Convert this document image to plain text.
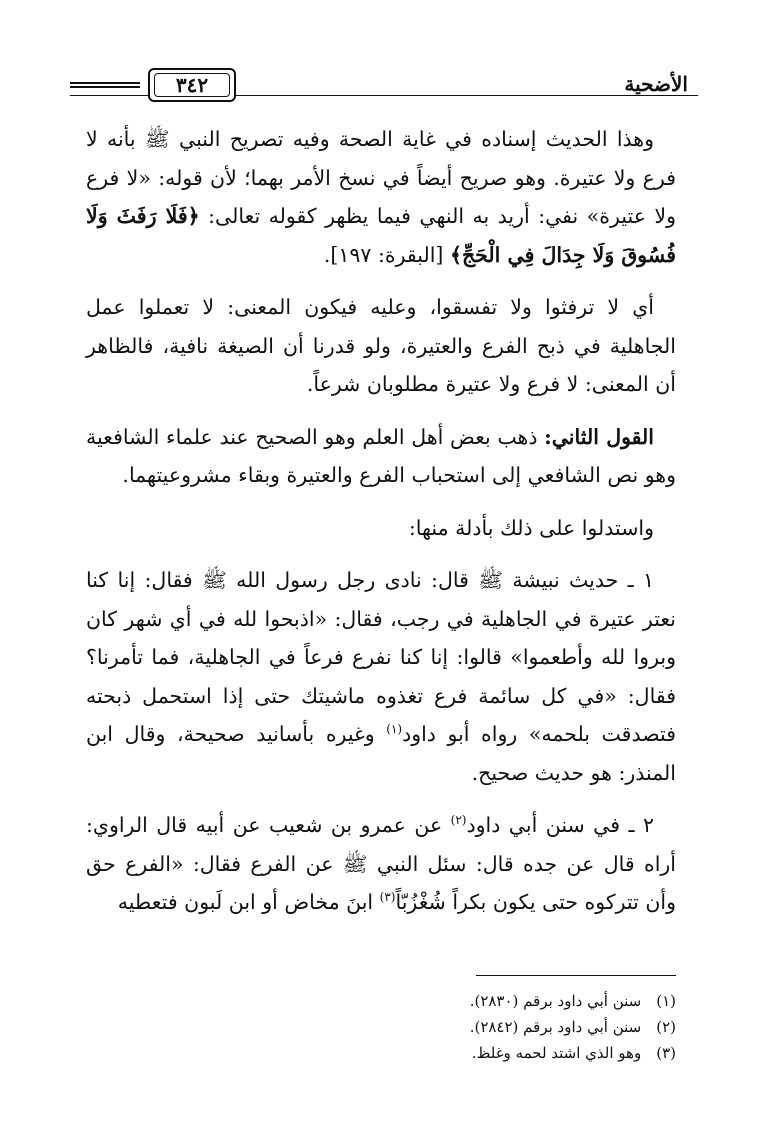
الأضحية
٣٤٢

وهذا الحديث إسناده في غاية الصحة وفيه تصريح النبي ﷺ بأنه لا فرع ولا عتيرة. وهو صريح أيضاً في نسخ الأمر بهما؛ لأن قوله: «لا فرع ولا عتيرة» نفي: أريد به النهي فيما يظهر كقوله تعالى: ﴿فَلَا رَفَثَ وَلَا فُسُوقَ وَلَا جِدَالَ فِي الْحَجِّ﴾ [البقرة: ١٩٧].

أي لا ترفثوا ولا تفسقوا، وعليه فيكون المعنى: لا تعملوا عمل الجاهلية في ذبح الفرع والعتيرة، ولو قدرنا أن الصيغة نافية، فالظاهر أن المعنى: لا فرع ولا عتيرة مطلوبان شرعاً.

القول الثاني: ذهب بعض أهل العلم وهو الصحيح عند علماء الشافعية وهو نص الشافعي إلى استحباب الفرع والعتيرة وبقاء مشروعيتهما.

واستدلوا على ذلك بأدلة منها:

١ ـ حديث نبيشة ﷺ قال: نادى رجل رسول الله ﷺ فقال: إنا كنا نعتر عتيرة في الجاهلية في رجب، فقال: «اذبحوا لله في أي شهر كان وبروا لله وأطعموا» قالوا: إنا كنا نفرع فرعاً في الجاهلية، فما تأمرنا؟ فقال: «في كل سائمة فرع تغذوه ماشيتك حتى إذا استحمل ذبحته فتصدقت بلحمه» رواه أبو داود$^{(١)}$ وغيره بأسانيد صحيحة، وقال ابن المنذر: هو حديث صحيح.

٢ ـ في سنن أبي داود$^{(٢)}$ عن عمرو بن شعيب عن أبيه قال الراوي: أراه قال عن جده قال: سئل النبي ﷺ عن الفرع فقال: «الفرع حق وأن تتركوه حتى يكون بكراً شُغْزُبّاً$^{(٣)}$ ابنَ مخاض أو ابن لَبون فتعطيه

(١) سنن أبي داود برقم (٢٨٣٠).

(٢) سنن أبي داود برقم (٢٨٤٢).

(٣) وهو الذي اشتد لحمه وغلظ.
